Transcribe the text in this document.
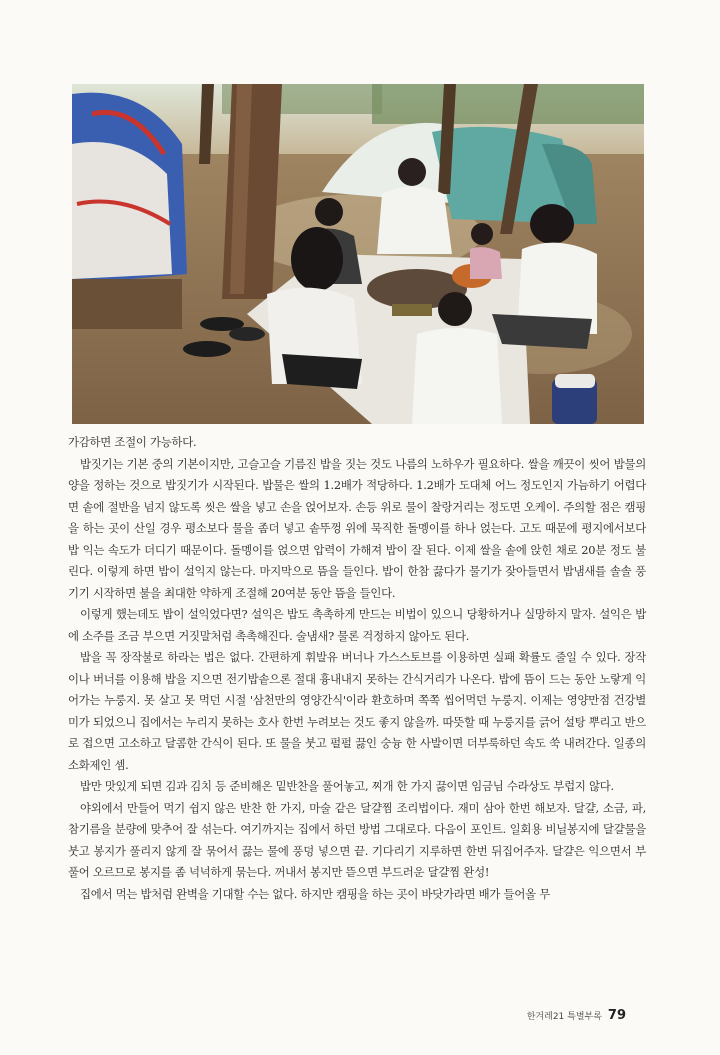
가감하면 조절이 가능하다.

밥짓기는 기본 중의 기본이지만, 고슬고슬 기름진 밥을 짓는 것도 나름의 노하우가 필요하다. 쌀을 깨끗이 씻어 밥물의 양을 정하는 것으로 밥짓기가 시작된다. 밥물은 쌀의 1.2배가 적당하다. 1.2배가 도대체 어느 정도인지 가늠하기 어렵다면 솥에 절반을 넘지 않도록 씻은 쌀을 넣고 손을 얹어보자. 손등 위로 물이 찰랑거리는 정도면 오케이. 주의할 점은 캠핑을 하는 곳이 산일 경우 평소보다 물을 좀더 넣고 솥뚜껑 위에 묵직한 돌멩이를 하나 얹는다. 고도 때문에 평지에서보다 밥 익는 속도가 더디기 때문이다. 돌멩이를 얹으면 압력이 가해져 밥이 잘 된다. 이제 쌀을 솥에 앉힌 채로 20분 정도 불린다. 이렇게 하면 밥이 설익지 않는다. 마지막으로 뜸을 들인다. 밥이 한참 끓다가 물기가 잦아들면서 밥냄새를 솔솔 풍기기 시작하면 불을 최대한 약하게 조절해 20여분 동안 뜸을 들인다.

이렇게 했는데도 밥이 설익었다면? 설익은 밥도 촉촉하게 만드는 비법이 있으니 당황하거나 실망하지 말자. 설익은 밥에 소주를 조금 부으면 거짓말처럼 촉촉해진다. 술냄새? 물론 걱정하지 않아도 된다.

밥을 꼭 장작불로 하라는 법은 없다. 간편하게 휘발유 버너나 가스스토브를 이용하면 실패 확률도 줄일 수 있다. 장작이나 버너를 이용해 밥을 지으면 전기밥솥으론 절대 흉내내지 못하는 간식거리가 나온다. 밥에 뜸이 드는 동안 노랗게 익어가는 누룽지. 못 살고 못 먹던 시절 '삼천만의 영양간식'이라 환호하며 쪽쪽 씹어먹던 누룽지. 이제는 영양만점 건강별미가 되었으니 집에서는 누리지 못하는 호사 한번 누려보는 것도 좋지 않을까. 따뜻할 때 누룽지를 긁어 설탕 뿌리고 반으로 접으면 고소하고 달콤한 간식이 된다. 또 물을 붓고 펄펄 끓인 숭늉 한 사발이면 더부룩하던 속도 쑥 내려간다. 일종의 소화제인 셈.

밥만 맛있게 되면 김과 김치 등 준비해온 밑반찬을 풀어놓고, 찌개 한 가지 끓이면 임금님 수라상도 부럽지 않다.

야외에서 만들어 먹기 쉽지 않은 반찬 한 가지, 마술 같은 달걀찜 조리법이다. 재미 삼아 한번 해보자. 달걀, 소금, 파, 참기름을 분량에 맞추어 잘 섞는다. 여기까지는 집에서 하던 방법 그대로다. 다음이 포인트. 일회용 비닐봉지에 달걀물을 붓고 봉지가 풀리지 않게 잘 묶어서 끓는 물에 풍덩 넣으면 끝. 기다리기 지루하면 한번 뒤집어주자. 달걀은 익으면서 부풀어 오르므로 봉지를 좀 넉넉하게 묶는다. 꺼내서 봉지만 뜯으면 부드러운 달걀찜 완성!

집에서 먹는 밥처럼 완벽을 기대할 수는 없다. 하지만 캠핑을 하는 곳이 바닷가라면 배가 들어올 무

한겨레21 특별부록 79
